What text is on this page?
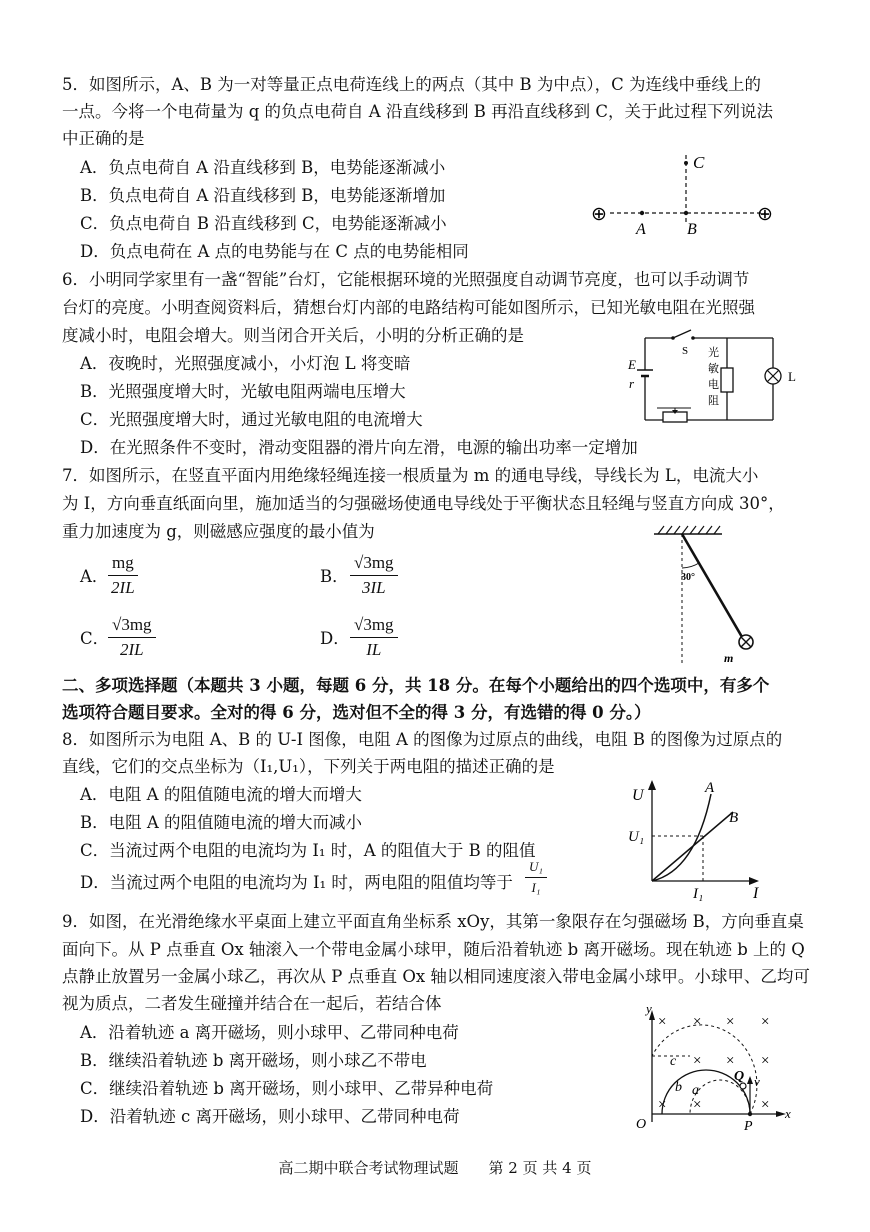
5．如图所示，A、B 为一对等量正点电荷连线上的两点（其中 B 为中点），C 为连线中垂线上的
一点。今将一个电荷量为 q 的负点电荷自 A 沿直线移到 B 再沿直线移到 C，关于此过程下列说法
中正确的是
A．负点电荷自 A 沿直线移到 B，电势能逐渐减小
B．负点电荷自 A 沿直线移到 B，电势能逐渐增加
C．负点电荷自 B 沿直线移到 C，电势能逐渐减小
D．负点电荷在 A 点的电势能与在 C 点的电势能相同
⊕	⊕
C
A	B
6．小明同学家里有一盏“智能”台灯，它能根据环境的光照强度自动调节亮度，也可以手动调节
台灯的亮度。小明查阅资料后，猜想台灯内部的电路结构可能如图所示，已知光敏电阻在光照强
度减小时，电阻会增大。则当闭合开关后，小明的分析正确的是
A．夜晚时，光照强度减小，小灯泡 L 将变暗
B．光照强度增大时，光敏电阻两端电压增大
C．光照强度增大时，通过光敏电阻的电流增大
D．在光照条件不变时，滑动变阻器的滑片向左滑，电源的输出功率一定增加
E
r
S
L
光
敏
电
阻
7．如图所示，在竖直平面内用绝缘轻绳连接一根质量为 m 的通电导线，导线长为 L，电流大小
为 I，方向垂直纸面向里，施加适当的匀强磁场使通电导线处于平衡状态且轻绳与竖直方向成 30°，
重力加速度为 g，则磁感应强度的最小值为
A． $\frac{mg}{2IL}$	B． $\frac{√3mg}{3IL}$
C．
$\frac{√3mg}{2IL}$	D． $\frac{√3mg}{IL}$
30°
m
二、多项选择题（本题共 3 小题，每题 6 分，共 18 分。在每个小题给出的四个选项中，有多个
选项符合题目要求。全对的得 6 分，选对但不全的得 3 分，有选错的得 0 分。）
8．如图所示为电阻 A、B 的 U-I 图像，电阻 A 的图像为过原点的曲线，电阻 B 的图像为过原点的
直线，它们的交点坐标为（I₁,U₁），下列关于两电阻的描述正确的是
A．电阻 A 的阻值随电流的增大而增大
B．电阻 A 的阻值随电流的增大而减小
C．当流过两个电阻的电流均为 I₁ 时，A 的阻值大于 B 的阻值
D．当流过两个电阻的电流均为 I₁ 时，两电阻的阻值均等于 $\frac{\text{U₁}}{\text{I₁}}$
U
I
A
B
U₁
I₁
9．如图，在光滑绝缘水平桌面上建立平面直角坐标系 xOy，其第一象限存在匀强磁场 B，方向垂直桌
面向下。从 P 点垂直 Ox 轴滚入一个带电金属小球甲，随后沿着轨迹 b 离开磁场。现在轨迹 b 上的 Q
点静止放置另一金属小球乙，再次从 P 点垂直 Ox 轴以相同速度滚入带电金属小球甲。小球甲、乙均可
视为质点，二者发生碰撞并结合在一起后，若结合体
A．沿着轨迹 a 离开磁场，则小球甲、乙带同种电荷
B．继续沿着轨迹 b 离开磁场，则小球乙不带电
C．继续沿着轨迹 b 离开磁场，则小球甲、乙带异种电荷
D．沿着轨迹 c 离开磁场，则小球甲、乙带同种电荷
× × × ×
× × ×
× ×	×
y
x
O	P
Q v
a
b
c
高二期中联合考试物理试题　　第 2 页 共 4 页
